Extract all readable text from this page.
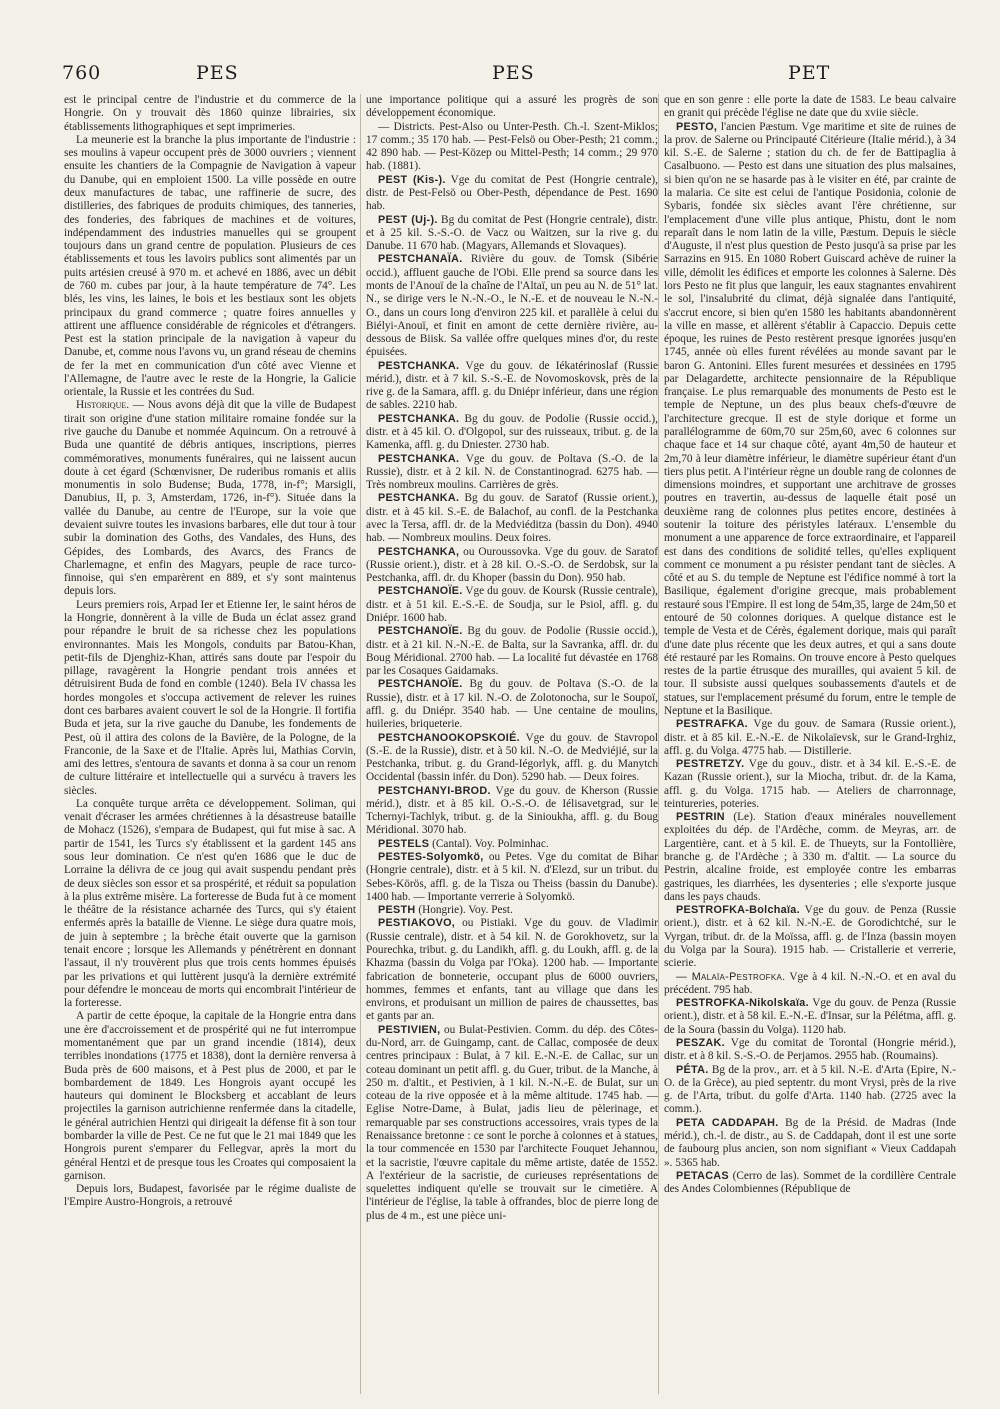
760	PES	PES	PET

est le principal centre de l'industrie et du commerce de la Hongrie. On y trouvait dès 1860 quinze librairies, six établissements lithographiques et sept imprimeries.

La meunerie est la branche la plus importante de l'industrie : ses moulins à vapeur occupent près de 3000 ouvriers ; viennent ensuite les chantiers de la Compagnie de Navigation à vapeur du Danube, qui en emploient 1500. La ville possède en outre deux manufactures de tabac, une raffinerie de sucre, des distilleries, des fabriques de produits chimiques, des tanneries, des fonderies, des fabriques de machines et de voitures, indépendamment des industries manuelles qui se groupent toujours dans un grand centre de population. Plusieurs de ces établissements et tous les lavoirs publics sont alimentés par un puits artésien creusé à 970 m. et achevé en 1886, avec un débit de 760 m. cubes par jour, à la haute température de 74°. Les blés, les vins, les laines, le bois et les bestiaux sont les objets principaux du grand commerce ; quatre foires annuelles y attirent une affluence considérable de régnicoles et d'étrangers. Pest est la station principale de la navigation à vapeur du Danube, et, comme nous l'avons vu, un grand réseau de chemins de fer la met en communication d'un côté avec Vienne et l'Allemagne, de l'autre avec le reste de la Hongrie, la Galicie orientale, la Russie et les contrées du Sud.

Historique. — Nous avons déjà dit que la ville de Budapest tirait son origine d'une station militaire romaine fondée sur la rive gauche du Danube et nommée Aquincum. On a retrouvé à Buda une quantité de débris antiques, inscriptions, pierres commémoratives, monuments funéraires, qui ne laissent aucun doute à cet égard (Schœnvisner, De ruderibus romanis et aliis monumentis in solo Budense; Buda, 1778, in-f°; Marsigli, Danubius, II, p. 3, Amsterdam, 1726, in-f°). Située dans la vallée du Danube, au centre de l'Europe, sur la voie que devaient suivre toutes les invasions barbares, elle dut tour à tour subir la domination des Goths, des Vandales, des Huns, des Gépides, des Lombards, des Avarcs, des Francs de Charlemagne, et enfin des Magyars, peuple de race turco-finnoise, qui s'en emparèrent en 889, et s'y sont maintenus depuis lors.

Leurs premiers rois, Arpad Ier et Etienne Ier, le saint héros de la Hongrie, donnèrent à la ville de Buda un éclat assez grand pour répandre le bruit de sa richesse chez les populations environnantes. Mais les Mongols, conduits par Batou-Khan, petit-fils de Djenghiz-Khan, attirés sans doute par l'espoir du pillage, ravagèrent la Hongrie pendant trois années et détruisirent Buda de fond en comble (1240). Bela IV chassa les hordes mongoles et s'occupa activement de relever les ruines dont ces barbares avaient couvert le sol de la Hongrie. Il fortifia Buda et jeta, sur la rive gauche du Danube, les fondements de Pest, où il attira des colons de la Bavière, de la Pologne, de la Franconie, de la Saxe et de l'Italie. Après lui, Mathias Corvin, ami des lettres, s'entoura de savants et donna à sa cour un renom de culture littéraire et intellectuelle qui a survécu à travers les siècles.

La conquête turque arrêta ce développement. Soliman, qui venait d'écraser les armées chrétiennes à la désastreuse bataille de Mohacz (1526), s'empara de Budapest, qui fut mise à sac. A partir de 1541, les Turcs s'y établissent et la gardent 145 ans sous leur domination. Ce n'est qu'en 1686 que le duc de Lorraine la délivra de ce joug qui avait suspendu pendant près de deux siècles son essor et sa prospérité, et réduit sa population à la plus extrême misère. La forteresse de Buda fut à ce moment le théâtre de la résistance acharnée des Turcs, qui s'y étaient enfermés après la bataille de Vienne. Le siège dura quatre mois, de juin à septembre ; la brèche était ouverte que la garnison tenait encore ; lorsque les Allemands y pénétrèrent en donnant l'assaut, il n'y trouvèrent plus que trois cents hommes épuisés par les privations et qui luttèrent jusqu'à la dernière extrémité pour défendre le monceau de morts qui encombrait l'intérieur de la forteresse.

A partir de cette époque, la capitale de la Hongrie entra dans une ère d'accroissement et de prospérité qui ne fut interrompue momentanément que par un grand incendie (1814), deux terribles inondations (1775 et 1838), dont la dernière renversa à Buda près de 600 maisons, et à Pest plus de 2000, et par le bombardement de 1849. Les Hongrois ayant occupé les hauteurs qui dominent le Blocksberg et accablant de leurs projectiles la garnison autrichienne renfermée dans la citadelle, le général autrichien Hentzi qui dirigeait la défense fit à son tour bombarder la ville de Pest. Ce ne fut que le 21 mai 1849 que les Hongrois purent s'emparer du Fellegvar, après la mort du général Hentzi et de presque tous les Croates qui composaient la garnison.

Depuis lors, Budapest, favorisée par le régime dualiste de l'Empire Austro-Hongrois, a retrouvé

une importance politique qui a assuré les progrès de son développement économique.

— Districts. Pest-Also ou Unter-Pesth. Ch.-l. Szent-Miklos; 17 comm.; 35 170 hab. — Pest-Felsö ou Ober-Pesth; 21 comm.; 42 890 hab. — Pest-Közep ou Mittel-Pesth; 14 comm.; 29 970 hab. (1881).

PEST (Kis-). Vge du comitat de Pest (Hongrie centrale), distr. de Pest-Felsö ou Ober-Pesth, dépendance de Pest. 1690 hab.

PEST (Uj-). Bg du comitat de Pest (Hongrie centrale), distr. et à 25 kil. S.-S.-O. de Vacz ou Waitzen, sur la rive g. du Danube. 11 670 hab. (Magyars, Allemands et Slovaques).

PESTCHANAÏA. Rivière du gouv. de Tomsk (Sibérie occid.), affluent gauche de l'Obi. Elle prend sa source dans les monts de l'Anouï de la chaîne de l'Altaï, un peu au N. de 51° lat. N., se dirige vers le N.-N.-O., le N.-E. et de nouveau le N.-N.-O., dans un cours long d'environ 225 kil. et parallèle à celui du Biélyi-Anouï, et finit en amont de cette dernière rivière, au-dessous de Biisk. Sa vallée offre quelques mines d'or, du reste épuisées.

PESTCHANKA. Vge du gouv. de Iékatérinoslaf (Russie mérid.), distr. et à 7 kil. S.-S.-E. de Novomoskovsk, près de la rive g. de la Samara, affl. g. du Dniépr inférieur, dans une région de sables. 2210 hab.

PESTCHANKA. Bg du gouv. de Podolie (Russie occid.), distr. et à 45 kil. O. d'Olgopol, sur des ruisseaux, tribut. g. de la Kamenka, affl. g. du Dniester. 2730 hab.

PESTCHANKA. Vge du gouv. de Poltava (S.-O. de la Russie), distr. et à 2 kil. N. de Constantinograd. 6275 hab. — Très nombreux moulins. Carrières de grès.

PESTCHANKA. Bg du gouv. de Saratof (Russie orient.), distr. et à 45 kil. S.-E. de Balachof, au confl. de la Pestchanka avec la Tersa, affl. dr. de la Medviéditza (bassin du Don). 4940 hab. — Nombreux moulins. Deux foires.

PESTCHANKA, ou Ouroussovka. Vge du gouv. de Saratof (Russie orient.), distr. et à 28 kil. O.-S.-O. de Serdobsk, sur la Pestchanka, affl. dr. du Khoper (bassin du Don). 950 hab.

PESTCHANOÏE. Vge du gouv. de Koursk (Russie centrale), distr. et à 51 kil. E.-S.-E. de Soudja, sur le Psiol, affl. g. du Dniépr. 1600 hab.

PESTCHANOÏE. Bg du gouv. de Podolie (Russie occid.), distr. et à 21 kil. N.-N.-E. de Balta, sur la Savranka, affl. dr. du Boug Méridional. 2700 hab. — La localité fut dévastée en 1768 par les Cosaques Gaidamaks.

PESTCHANOÏE. Bg du gouv. de Poltava (S.-O. de la Russie), distr. et à 17 kil. N.-O. de Zolotonocha, sur le Soupoï, affl. g. du Dniépr. 3540 hab. — Une centaine de moulins, huileries, briqueterie.

PESTCHANOOKOPSKOIÉ. Vge du gouv. de Stavropol (S.-E. de la Russie), distr. et à 50 kil. N.-O. de Medviéjié, sur la Pestchanka, tribut. g. du Grand-Iégorlyk, affl. g. du Manytch Occidental (bassin infér. du Don). 5290 hab. — Deux foires.

PESTCHANYI-BROD. Vge du gouv. de Kherson (Russie mérid.), distr. et à 85 kil. O.-S.-O. de Iélisavetgrad, sur le Tchernyi-Tachlyk, tribut. g. de la Sinioukha, affl. g. du Boug Méridional. 3070 hab.

PESTELS (Cantal). Voy. Polminhac.

PESTES-Solyomkö, ou Petes. Vge du comitat de Bihar (Hongrie centrale), distr. et à 5 kil. N. d'Elezd, sur un tribut. du Sebes-Körös, affl. g. de la Tisza ou Theiss (bassin du Danube). 1400 hab. — Importante verrerie à Solyomkö.

PESTH (Hongrie). Voy. Pest.

PESTIAKOVO, ou Pistiaki. Vge du gouv. de Vladimir (Russie centrale), distr. et à 54 kil. N. de Gorokhovetz, sur la Pourechka, tribut. g. du Landikh, affl. g. du Loukh, affl. g. de la Khazma (bassin du Volga par l'Oka). 1200 hab. — Importante fabrication de bonneterie, occupant plus de 6000 ouvriers, hommes, femmes et enfants, tant au village que dans les environs, et produisant un million de paires de chaussettes, bas et gants par an.

PESTIVIEN, ou Bulat-Pestivien. Comm. du dép. des Côtes-du-Nord, arr. de Guingamp, cant. de Callac, composée de deux centres principaux : Bulat, à 7 kil. E.-N.-E. de Callac, sur un coteau dominant un petit affl. g. du Guer, tribut. de la Manche, à 250 m. d'altit., et Pestivien, à 1 kil. N.-N.-E. de Bulat, sur un coteau de la rive opposée et à la même altitude. 1745 hab. — Eglise Notre-Dame, à Bulat, jadis lieu de pèlerinage, et remarquable par ses constructions accessoires, vrais types de la Renaissance bretonne : ce sont le porche à colonnes et à statues, la tour commencée en 1530 par l'architecte Fouquet Jehannou, et la sacristie, l'œuvre capitale du même artiste, datée de 1552. A l'extérieur de la sacristie, de curieuses représentations de squelettes indiquent qu'elle se trouvait sur le cimetière. A l'intérieur de l'église, la table à offrandes, bloc de pierre long de plus de 4 m., est une pièce uni-

que en son genre : elle porte la date de 1583. Le beau calvaire en granit qui précède l'église ne date que du xviie siècle.

PESTO, l'ancien Pæstum. Vge maritime et site de ruines de la prov. de Salerne ou Principauté Citérieure (Italie mérid.), à 34 kil. S.-E. de Salerne ; station du ch. de fer de Battipaglia à Casalbuono. — Pesto est dans une situation des plus malsaines, si bien qu'on ne se hasarde pas à le visiter en été, par crainte de la malaria. Ce site est celui de l'antique Posidonia, colonie de Sybaris, fondée six siècles avant l'ère chrétienne, sur l'emplacement d'une ville plus antique, Phistu, dont le nom reparaît dans le nom latin de la ville, Pæstum. Depuis le siècle d'Auguste, il n'est plus question de Pesto jusqu'à sa prise par les Sarrazins en 915. En 1080 Robert Guiscard achève de ruiner la ville, démolit les édifices et emporte les colonnes à Salerne. Dès lors Pesto ne fit plus que languir, les eaux stagnantes envahirent le sol, l'insalubrité du climat, déjà signalée dans l'antiquité, s'accrut encore, si bien qu'en 1580 les habitants abandonnèrent la ville en masse, et allèrent s'établir à Capaccio. Depuis cette époque, les ruines de Pesto restèrent presque ignorées jusqu'en 1745, année où elles furent révélées au monde savant par le baron G. Antonini. Elles furent mesurées et dessinées en 1795 par Delagardette, architecte pensionnaire de la République française. Le plus remarquable des monuments de Pesto est le temple de Neptune, un des plus beaux chefs-d'œuvre de l'architecture grecque. Il est de style dorique et forme un parallélogramme de 60m,70 sur 25m,60, avec 6 colonnes sur chaque face et 14 sur chaque côté, ayant 4m,50 de hauteur et 2m,70 à leur diamètre inférieur, le diamètre supérieur étant d'un tiers plus petit. A l'intérieur règne un double rang de colonnes de dimensions moindres, et supportant une architrave de grosses poutres en travertin, au-dessus de laquelle était posé un deuxième rang de colonnes plus petites encore, destinées à soutenir la toiture des péristyles latéraux. L'ensemble du monument a une apparence de force extraordinaire, et l'appareil est dans des conditions de solidité telles, qu'elles expliquent comment ce monument a pu résister pendant tant de siècles. A côté et au S. du temple de Neptune est l'édifice nommé à tort la Basilique, également d'origine grecque, mais probablement restauré sous l'Empire. Il est long de 54m,35, large de 24m,50 et entouré de 50 colonnes doriques. A quelque distance est le temple de Vesta et de Cérès, également dorique, mais qui paraît d'une date plus récente que les deux autres, et qui a sans doute été restauré par les Romains. On trouve encore à Pesto quelques restes de la partie étrusque des murailles, qui avaient 5 kil. de tour. Il subsiste aussi quelques soubassements d'autels et de statues, sur l'emplacement présumé du forum, entre le temple de Neptune et la Basilique.

PESTRAFKA. Vge du gouv. de Samara (Russie orient.), distr. et à 85 kil. E.-N.-E. de Nikolaïevsk, sur le Grand-Irghiz, affl. g. du Volga. 4775 hab. — Distillerie.

PESTRETZY. Vge du gouv., distr. et à 34 kil. E.-S.-E. de Kazan (Russie orient.), sur la Miocha, tribut. dr. de la Kama, affl. g. du Volga. 1715 hab. — Ateliers de charronnage, teintureries, poteries.

PESTRIN (Le). Station d'eaux minérales nouvellement exploitées du dép. de l'Ardèche, comm. de Meyras, arr. de Largentière, cant. et à 5 kil. E. de Thueyts, sur la Fontollière, branche g. de l'Ardèche ; à 330 m. d'altit. — La source du Pestrin, alcaline froide, est employée contre les embarras gastriques, les diarrhées, les dysenteries ; elle s'exporte jusque dans les pays chauds.

PESTROFKA-Bolchaïa. Vge du gouv. de Penza (Russie orient.), distr. et à 62 kil. N.-N.-E. de Gorodichtché, sur le Vyrgan, tribut. dr. de la Moïssa, affl. g. de l'Inza (bassin moyen du Volga par la Soura). 1915 hab. — Cristallerie et verrerie, scierie.

— Malaïa-Pestrofka. Vge à 4 kil. N.-N.-O. et en aval du précédent. 795 hab.

PESTROFKA-Nikolskaïa. Vge du gouv. de Penza (Russie orient.), distr. et à 58 kil. E.-N.-E. d'Insar, sur la Pélétma, affl. g. de la Soura (bassin du Volga). 1120 hab.

PESZAK. Vge du comitat de Torontal (Hongrie mérid.), distr. et à 8 kil. S.-S.-O. de Perjamos. 2955 hab. (Roumains).

PÉTA. Bg de la prov., arr. et à 5 kil. N.-E. d'Arta (Epire, N.-O. de la Grèce), au pied septentr. du mont Vrysi, près de la rive g. de l'Arta, tribut. du golfe d'Arta. 1140 hab. (2725 avec la comm.).

PETA CADDAPAH. Bg de la Présid. de Madras (Inde mérid.), ch.-l. de distr., au S. de Caddapah, dont il est une sorte de faubourg plus ancien, son nom signifiant « Vieux Caddapah ». 5365 hab.

PETACAS (Cerro de las). Sommet de la cordillère Centrale des Andes Colombiennes (République de
